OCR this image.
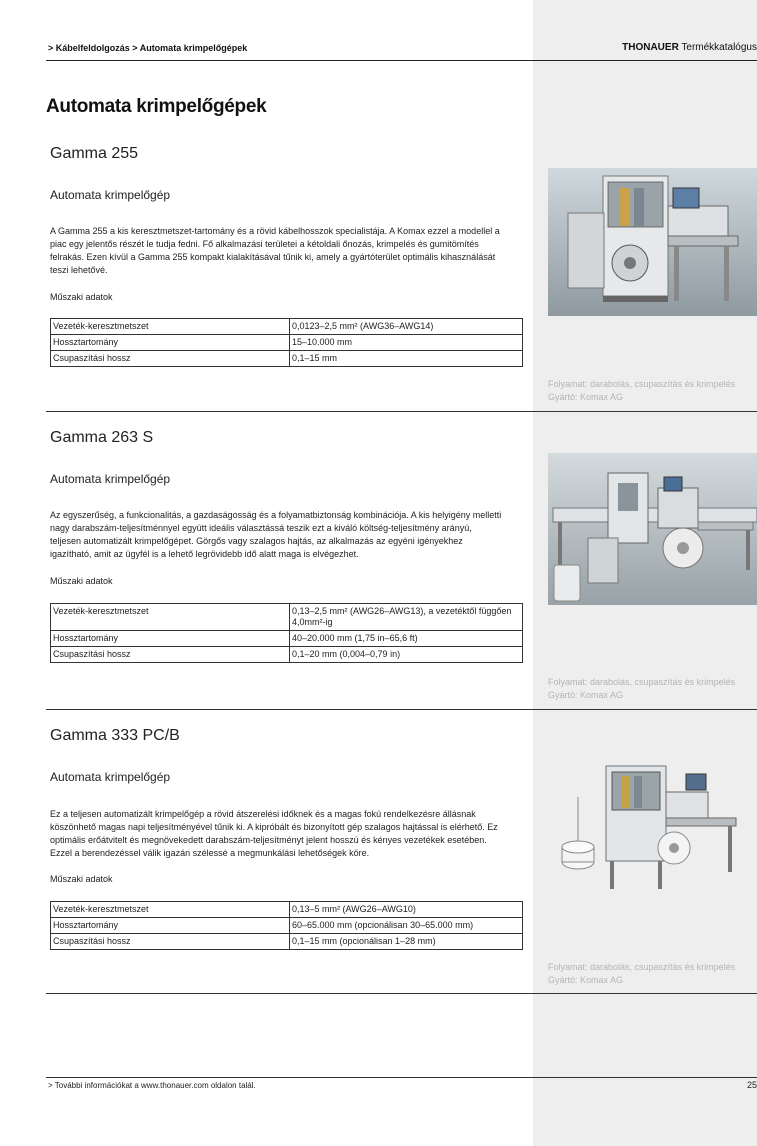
> Kábelfeldolgozás > Automata krimpelőgépek	THONAUER Termékkatalógus
Automata krimpelőgépek
Gamma 255
Automata krimpelőgép
A Gamma 255 a kis keresztmetszet-tartomány és a rövid kábelhosszok specialistája. A Komax ezzel a modellel a piac egy jelentős részét le tudja fedni. Fő alkalmazási területei a kétoldali őnozás, krimpelés és gumitömítés felrakás. Ezen kívül a Gamma 255 kompakt kialakításával tűnik ki, amely a gyártóterület optimális kihasználását teszi lehetővé.
Műszaki adatok
Vezeték-keresztmetszet	0,0123–2,5 mm² (AWG36–AWG14)
Hossztartomány	15–10.000 mm
Csupaszítási hossz	0,1–15 mm
Folyamat: darabolás, csupaszítás és krimpelés
Gyártó: Komax AG
Gamma 263 S
Automata krimpelőgép
Az egyszerűség, a funkcionalitás, a gazdaságosság és a folyamatbiztonság kombinációja. A kis helyigény melletti nagy darabszám-teljesítménnyel együtt ideális választássá teszik ezt a kiváló költség-teljesítmény arányú, teljesen automatizált krimpelőgépet. Görgős vagy szalagos hajtás, az alkalmazás az egyéni igényekhez igazítható, amit az ügyfél is a lehető legrövidebb idő alatt maga is elvégezhet.
Műszaki adatok
Vezeték-keresztmetszet	0,13–2,5 mm² (AWG26–AWG13), a vezetéktől függően 4,0mm²-ig
Hossztartomány	40–20.000 mm (1,75 in–65,6 ft)
Csupaszítási hossz	0,1–20 mm (0,004–0,79 in)
Folyamat: darabolás, csupaszítás és krimpelés
Gyártó: Komax AG
Gamma 333 PC/B
Automata krimpelőgép
Ez a teljesen automatizált krimpelőgép a rövid átszerelési időknek és a magas fokú rendelkezésre állásnak köszönhető magas napi teljesítményével tűnik ki. A kipróbált és bizonyított gép szalagos hajtással is elérhető. Ez optimális erőátvitelt és megnövekedett darabszám-teljesítményt jelent hosszú és kényes vezetékek esetében. Ezzel a berendezéssel válik igazán szélessé a megmunkálási lehetőségek köre.
Műszaki adatok
Vezeték-keresztmetszet	0,13–5 mm² (AWG26–AWG10)
Hossztartomány	60–65.000 mm (opcionálisan 30–65.000 mm)
Csupaszítási hossz	0,1–15 mm (opcionálisan 1–28 mm)
Folyamat: darabolás, csupaszítás és krimpelés
Gyártó: Komax AG
25
> További információkat a www.thonauer.com oldalon talál.
